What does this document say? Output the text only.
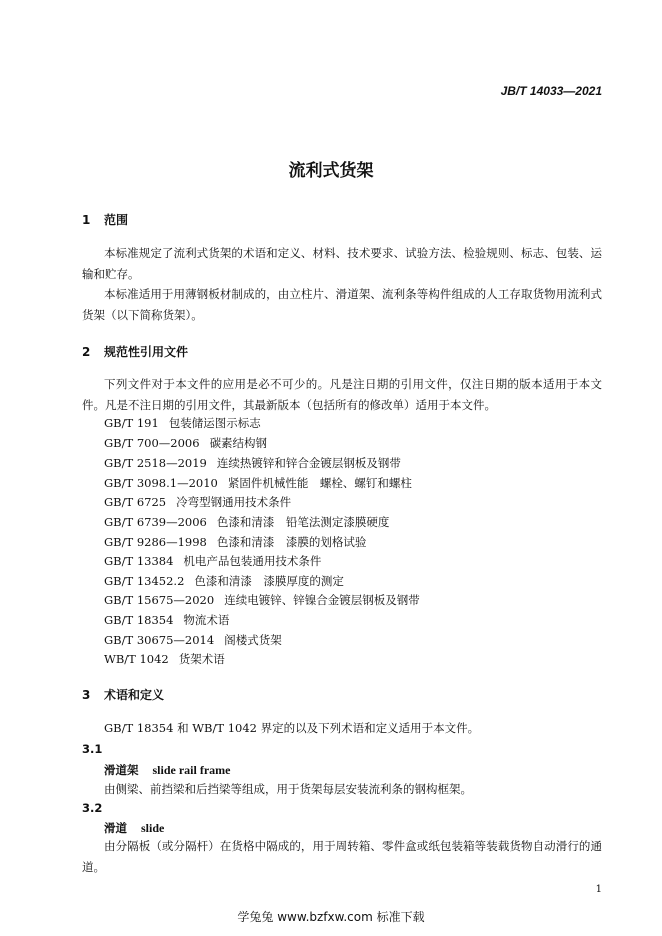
JB/T 14033—2021
流利式货架
1 范围
本标准规定了流利式货架的术语和定义、材料、技术要求、试验方法、检验规则、标志、包装、运输和贮存。
本标准适用于用薄钢板材制成的，由立柱片、滑道架、流利条等构件组成的人工存取货物用流利式货架（以下简称货架）。
2 规范性引用文件
下列文件对于本文件的应用是必不可少的。凡是注日期的引用文件，仅注日期的版本适用于本文件。凡是不注日期的引用文件，其最新版本（包括所有的修改单）适用于本文件。
GB/T 191 包装储运图示标志
GB/T 700—2006 碳素结构钢
GB/T 2518—2019 连续热镀锌和锌合金镀层钢板及钢带
GB/T 3098.1—2010 紧固件机械性能　螺栓、螺钉和螺柱
GB/T 6725 冷弯型钢通用技术条件
GB/T 6739—2006 色漆和清漆　铅笔法测定漆膜硬度
GB/T 9286—1998 色漆和清漆　漆膜的划格试验
GB/T 13384 机电产品包装通用技术条件
GB/T 13452.2 色漆和清漆　漆膜厚度的测定
GB/T 15675—2020 连续电镀锌、锌镍合金镀层钢板及钢带
GB/T 18354 物流术语
GB/T 30675—2014 阁楼式货架
WB/T 1042 货架术语
3 术语和定义
GB/T 18354 和 WB/T 1042 界定的以及下列术语和定义适用于本文件。
3.1
滑道架 slide rail frame
由侧梁、前挡梁和后挡梁等组成，用于货架每层安装流利条的钢构框架。
3.2
滑道 slide
由分隔板（或分隔杆）在货格中隔成的，用于周转箱、零件盒或纸包装箱等装载货物自动滑行的通道。
1
学兔兔 www.bzfxw.com 标准下载
